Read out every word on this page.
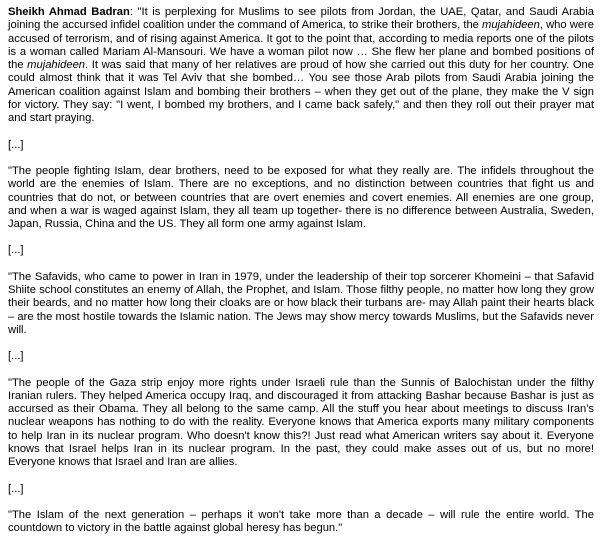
Sheikh Ahmad Badran: "It is perplexing for Muslims to see pilots from Jordan, the UAE, Qatar, and Saudi Arabia joining the accursed infidel coalition under the command of America, to strike their brothers, the mujahideen, who were accused of terrorism, and of rising against America. It got to the point that, according to media reports one of the pilots is a woman called Mariam Al-Mansouri. We have a woman pilot now … She flew her plane and bombed positions of the mujahideen. It was said that many of her relatives are proud of how she carried out this duty for her country. One could almost think that it was Tel Aviv that she bombed… You see those Arab pilots from Saudi Arabia joining the American coalition against Islam and bombing their brothers – when they get out of the plane, they make the V sign for victory. They say: "I went, I bombed my brothers, and I came back safely," and then they roll out their prayer mat and start praying.

[...]

"The people fighting Islam, dear brothers, need to be exposed for what they really are. The infidels throughout the world are the enemies of Islam. There are no exceptions, and no distinction between countries that fight us and countries that do not, or between countries that are overt enemies and covert enemies. All enemies are one group, and when a war is waged against Islam, they all team up together- there is no difference between Australia, Sweden, Japan, Russia, China and the US. They all form one army against Islam.

[...]

"The Safavids, who came to power in Iran in 1979, under the leadership of their top sorcerer Khomeini – that Safavid Shiite school constitutes an enemy of Allah, the Prophet, and Islam. Those filthy people, no matter how long they grow their beards, and no matter how long their cloaks are or how black their turbans are- may Allah paint their hearts black – are the most hostile towards the Islamic nation. The Jews may show mercy towards Muslims, but the Safavids never will.

[...]

"The people of the Gaza strip enjoy more rights under Israeli rule than the Sunnis of Balochistan under the filthy Iranian rulers. They helped America occupy Iraq, and discouraged it from attacking Bashar because Bashar is just as accursed as their Obama. They all belong to the same camp. All the stuff you hear about meetings to discuss Iran's nuclear weapons has nothing to do with the reality. Everyone knows that America exports many military components to help Iran in its nuclear program. Who doesn't know this?! Just read what American writers say about it. Everyone knows that Israel helps Iran in its nuclear program. In the past, they could make asses out of us, but no more! Everyone knows that Israel and Iran are allies.

[...]

"The Islam of the next generation – perhaps it won't take more than a decade – will rule the entire world. The countdown to victory in the battle against global heresy has begun."
